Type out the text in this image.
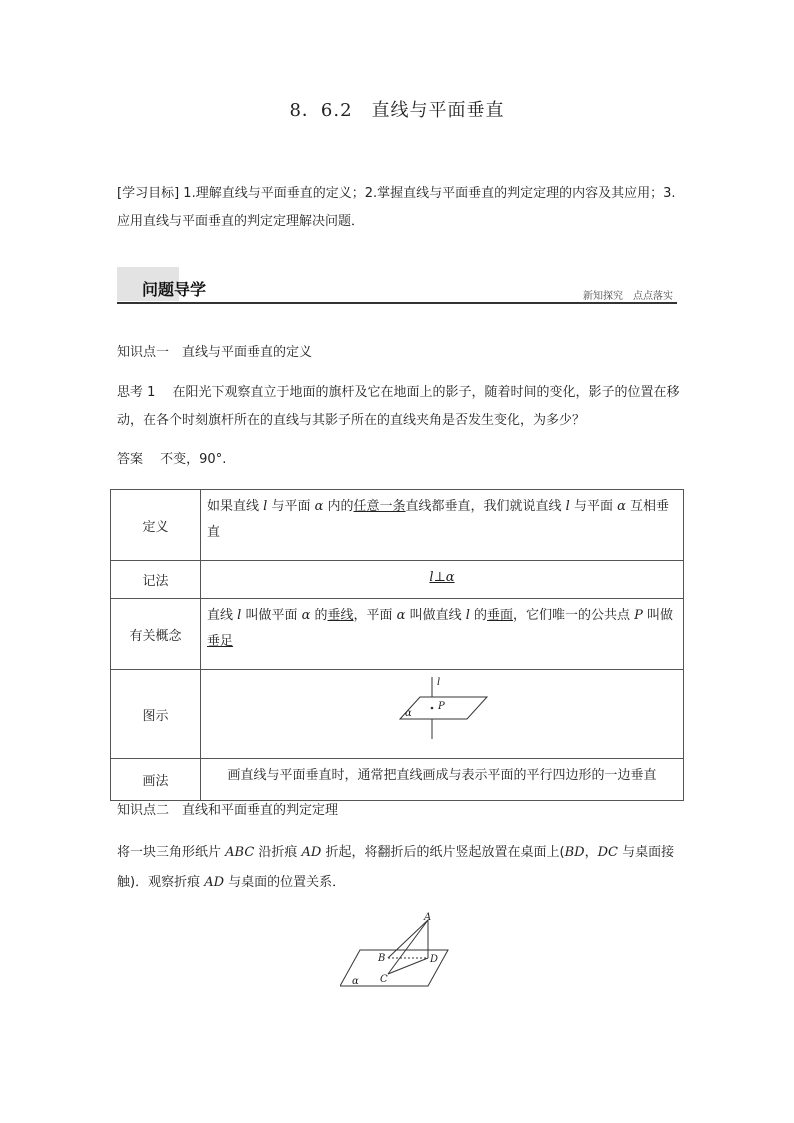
8．6.2　直线与平面垂直
[学习目标] 1.理解直线与平面垂直的定义；2.掌握直线与平面垂直的判定定理的内容及其应用；3.应用直线与平面垂直的判定定理解决问题．
问题导学	新知探究　点点落实
知识点一　直线与平面垂直的定义
思考 1　 在阳光下观察直立于地面的旗杆及它在地面上的影子，随着时间的变化，影子的位置在移动，在各个时刻旗杆所在的直线与其影子所在的直线夹角是否发生变化，为多少？
答案　 不变，90°.
定义	如果直线 l 与平面 α 内的任意一条直线都垂直，我们就说直线 l 与平面 α 互相垂直
记法	l⊥α
有关概念	直线 l 叫做平面 α 的垂线，平面 α 叫做直线 l 的垂面，它们唯一的公共点 P 叫做垂足
图示	l
α
P

画法	画直线与平面垂直时，通常把直线画成与表示平面的平行四边形的一边垂直
知识点二　直线和平面垂直的判定定理
将一块三角形纸片 ABC 沿折痕 AD 折起，将翻折后的纸片竖起放置在桌面上(BD，DC 与桌面接触)．观察折痕 AD 与桌面的位置关系．
A
B
C
D
α
